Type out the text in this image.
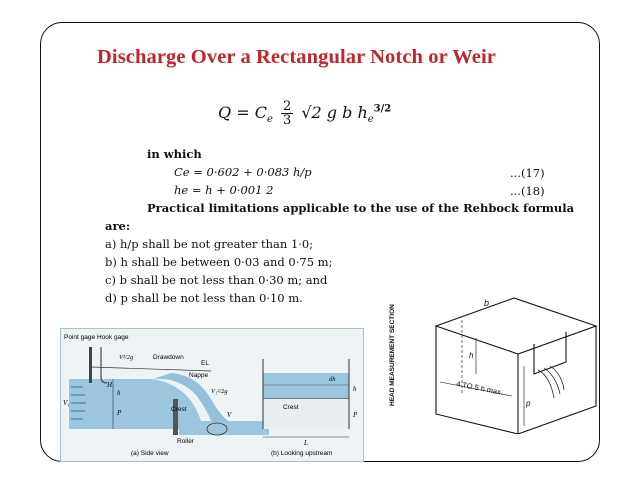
Discharge Over a Rectangular Notch or Weir
$Q = C_e \frac{2}{3} √2$ g b $h_e^{3/2}$
in which
Ce = 0·602 + 0·083 h/p	...(17)
he = h + 0·001 2	...(18)
Practical limitations applicable to the use of the Rehbock formula
are:
a) h/p shall be not greater than 1·0;
b) h shall be between 0·03 and 0·75 m;
c) b shall be not less than 0·30 m; and
d) p shall be not less than 0·10 m.
Point gage Hook gage
V²/2g	Drawdown
EL
Nappe
H
h
V₁
P	Crest
V₁²/2g
V
Roller
(a) Side view
dh
h
Crest
P
L
(b) Looking upstream
b
h
p
4 TO 5 h max.
HEAD MEASUREMENT SECTION
